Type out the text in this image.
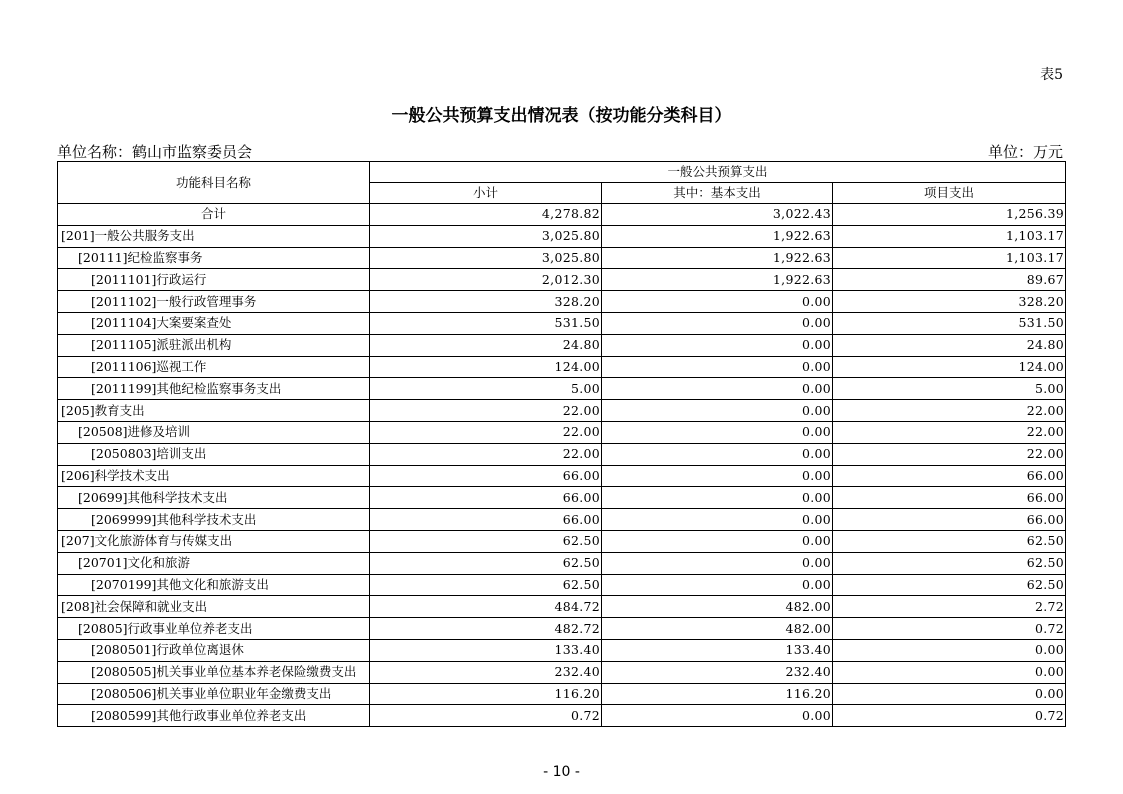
表5
一般公共预算支出情况表（按功能分类科目）
单位名称：鹤山市监察委员会	单位：万元
功能科目名称	一般公共预算支出		
	小计	其中：基本支出	项目支出
合计	4,278.82	3,022.43	1,256.39
[201]一般公共服务支出	3,025.80	1,922.63	1,103.17
[20111]纪检监察事务	3,025.80	1,922.63	1,103.17
[2011101]行政运行	2,012.30	1,922.63	89.67
[2011102]一般行政管理事务	328.20	0.00	328.20
[2011104]大案要案查处	531.50	0.00	531.50
[2011105]派驻派出机构	24.80	0.00	24.80
[2011106]巡视工作	124.00	0.00	124.00
[2011199]其他纪检监察事务支出	5.00	0.00	5.00
[205]教育支出	22.00	0.00	22.00
[20508]进修及培训	22.00	0.00	22.00
[2050803]培训支出	22.00	0.00	22.00
[206]科学技术支出	66.00	0.00	66.00
[20699]其他科学技术支出	66.00	0.00	66.00
[2069999]其他科学技术支出	66.00	0.00	66.00
[207]文化旅游体育与传媒支出	62.50	0.00	62.50
[20701]文化和旅游	62.50	0.00	62.50
[2070199]其他文化和旅游支出	62.50	0.00	62.50
[208]社会保障和就业支出	484.72	482.00	2.72
[20805]行政事业单位养老支出	482.72	482.00	0.72
[2080501]行政单位离退休	133.40	133.40	0.00
[2080505]机关事业单位基本养老保险缴费支出	232.40	232.40	0.00
[2080506]机关事业单位职业年金缴费支出	116.20	116.20	0.00
[2080599]其他行政事业单位养老支出	0.72	0.00	0.72
- 10 -
